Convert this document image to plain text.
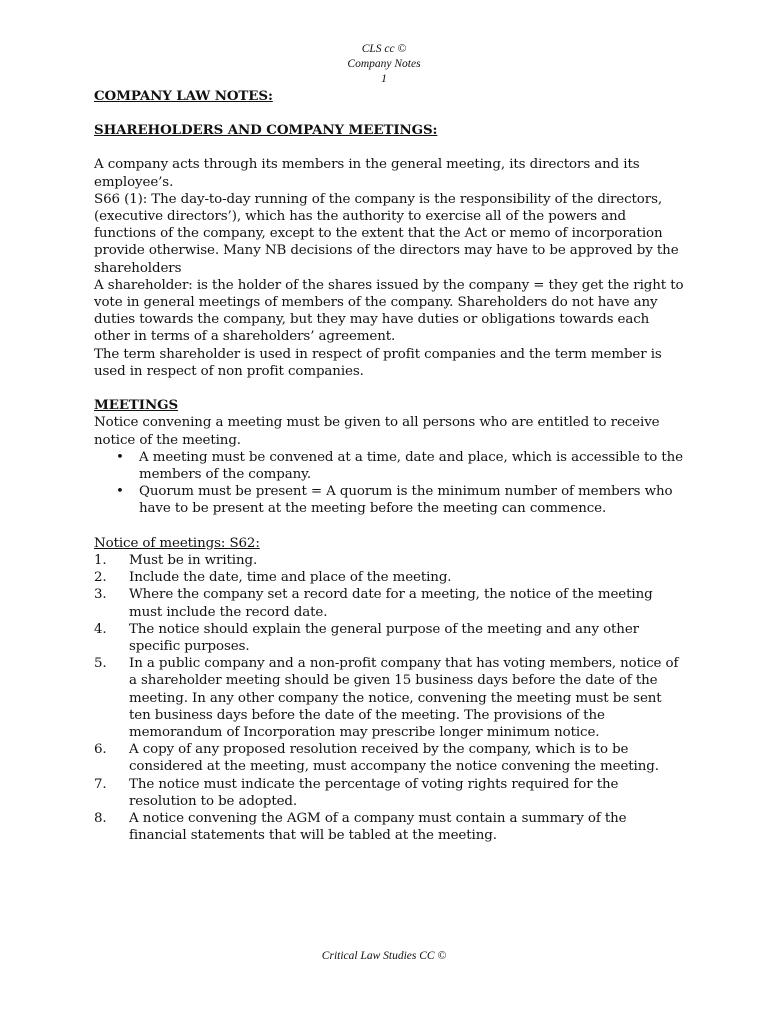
CLS cc ©
Company Notes
1

COMPANY LAW NOTES:

SHAREHOLDERS AND COMPANY MEETINGS:

A company acts through its members in the general meeting, its directors and its employee’s.

S66 (1): The day-to-day running of the company is the responsibility of the directors, (executive directors’), which has the authority to exercise all of the powers and functions of the company, except to the extent that the Act or memo of incorporation provide otherwise. Many NB decisions of the directors may have to be approved by the shareholders

A shareholder: is the holder of the shares issued by the company = they get the right to vote in general meetings of members of the company. Shareholders do not have any duties towards the company, but they may have duties or obligations towards each other in terms of a shareholders’ agreement.

The term shareholder is used in respect of profit companies and the term member is used in respect of non profit companies.

MEETINGS

Notice convening a meeting must be given to all persons who are entitled to receive notice of the meeting.

• A meeting must be convened at a time, date and place, which is accessible to the members of the company.
• Quorum must be present = A quorum is the minimum number of members who have to be present at the meeting before the meeting can commence.

Notice of meetings: S62:

1. Must be in writing.
2. Include the date, time and place of the meeting.
3. Where the company set a record date for a meeting, the notice of the meeting must include the record date.
4. The notice should explain the general purpose of the meeting and any other specific purposes.
5. In a public company and a non-profit company that has voting members, notice of a shareholder meeting should be given 15 business days before the date of the meeting. In any other company the notice, convening the meeting must be sent ten business days before the date of the meeting. The provisions of the memorandum of Incorporation may prescribe longer minimum notice.
6. A copy of any proposed resolution received by the company, which is to be considered at the meeting, must accompany the notice convening the meeting.
7. The notice must indicate the percentage of voting rights required for the resolution to be adopted.
8. A notice convening the AGM of a company must contain a summary of the financial statements that will be tabled at the meeting.
Critical Law Studies CC ©
